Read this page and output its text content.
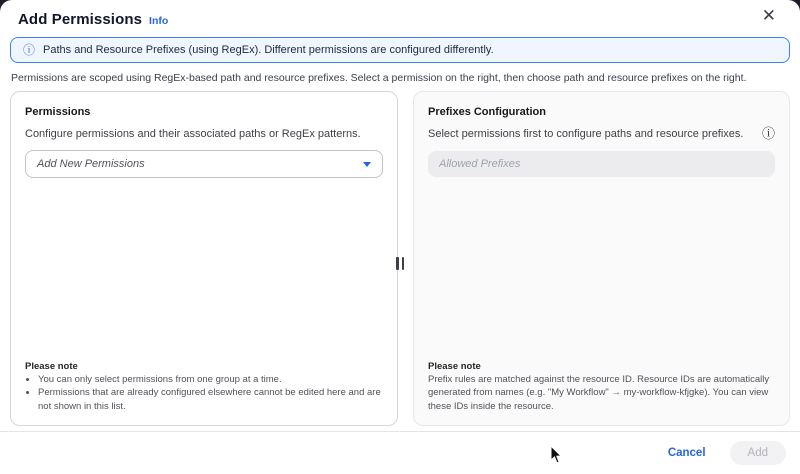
Add Permissions Info	✕
ⓘ Paths and Resource Prefixes (using RegEx). Different permissions are configured differently.
Permissions are scoped using RegEx-based path and resource prefixes. Select a permission on the right, then choose path and resource prefixes on the right.
Permissions
Configure permissions and their associated paths or RegEx patterns.
Add New Permissions
Please note
• You can only select permissions from one group at a time.
• Permissions that are already configured elsewhere cannot be edited here and are not shown in this list.
Prefixes Configuration
Select permissions first to configure paths and resource prefixes. ⓘ
Allowed Prefixes
Please note

Prefix rules are matched against the resource ID. Resource IDs are automatically generated from names (e.g. "My Workflow" → my-workflow-kfjgke). You can view these IDs inside the resource.

Cancel	Add
